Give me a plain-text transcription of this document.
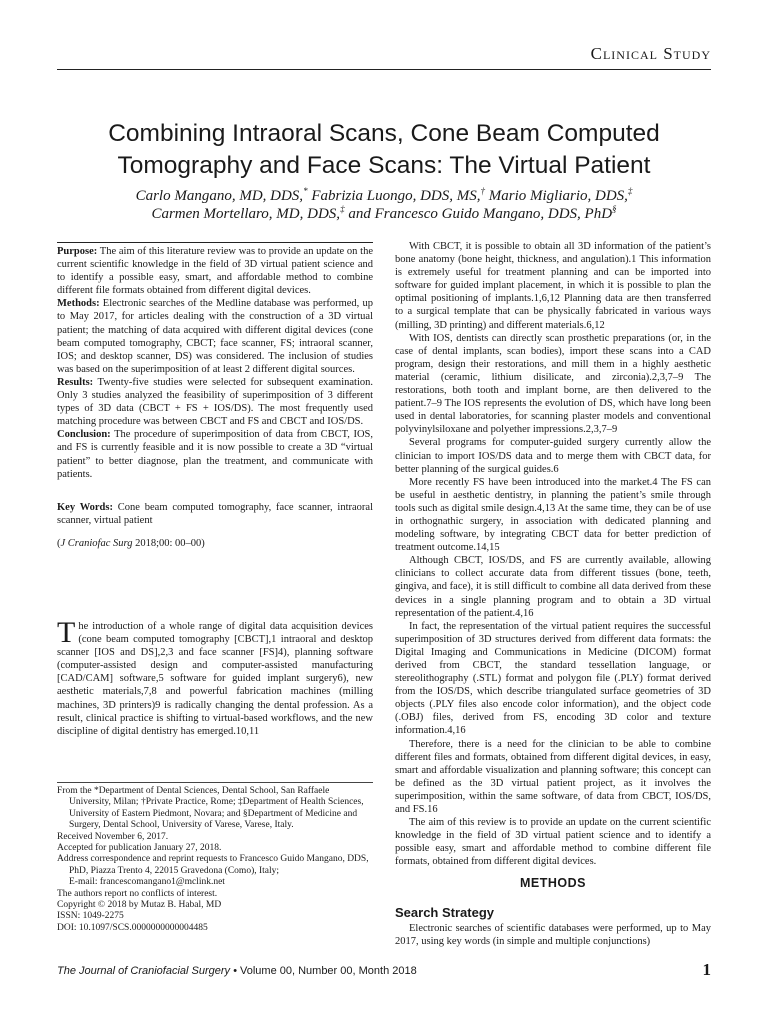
Clinical Study
Combining Intraoral Scans, Cone Beam Computed Tomography and Face Scans: The Virtual Patient
Carlo Mangano, MD, DDS,* Fabrizia Luongo, DDS, MS,† Mario Migliario, DDS,‡
Carmen Mortellaro, MD, DDS,‡ and Francesco Guido Mangano, DDS, PhD§

Purpose: The aim of this literature review was to provide an update on the current scientific knowledge in the field of 3D virtual patient science and to identify a possible easy, smart, and affordable method to combine different file formats obtained from different digital devices.

Methods: Electronic searches of the Medline database was performed, up to May 2017, for articles dealing with the construction of a 3D virtual patient; the matching of data acquired with different digital devices (cone beam computed tomography, CBCT; face scanner, FS; intraoral scanner, IOS; and desktop scanner, DS) was considered. The inclusion of studies was based on the superimposition of at least 2 different digital sources.

Results: Twenty-five studies were selected for subsequent examination. Only 3 studies analyzed the feasibility of superimposition of 3 different types of 3D data (CBCT + FS + IOS/DS). The most frequently used matching procedure was between CBCT and FS and CBCT and IOS/DS.

Conclusion: The procedure of superimposition of data from CBCT, IOS, and FS is currently feasible and it is now possible to create a 3D “virtual patient” to better diagnose, plan the treatment, and communicate with patients.

Key Words: Cone beam computed tomography, face scanner, intraoral scanner, virtual patient

(J Craniofac Surg 2018;00: 00–00)
The introduction of a whole range of digital data acquisition devices (cone beam computed tomography [CBCT],1 intraoral and desktop scanner [IOS and DS],2,3 and face scanner [FS]4), planning software (computer-assisted design and computer-assisted manufacturing [CAD/CAM] software,5 software for guided implant surgery6), new aesthetic materials,7,8 and powerful fabrication machines (milling machines, 3D printers)9 is radically changing the dental profession. As a result, clinical practice is shifting to virtual-based workflows, and the new discipline of digital dentistry has emerged.10,11

From the *Department of Dental Sciences, Dental School, San Raffaele University, Milan; †Private Practice, Rome; ‡Department of Health Sciences, University of Eastern Piedmont, Novara; and §Department of Medicine and Surgery, Dental School, University of Varese, Varese, Italy.

Received November 6, 2017.

Accepted for publication January 27, 2018.

Address correspondence and reprint requests to Francesco Guido Mangano, DDS, PhD, Piazza Trento 4, 22015 Gravedona (Como), Italy;

E-mail: francescomangano1@mclink.net

The authors report no conflicts of interest.

Copyright © 2018 by Mutaz B. Habal, MD

ISSN: 1049-2275

DOI: 10.1097/SCS.0000000000004485

With CBCT, it is possible to obtain all 3D information of the patient’s bone anatomy (bone height, thickness, and angulation).1 This information is extremely useful for treatment planning and can be imported into software for guided implant placement, in which it is possible to plan the optimal positioning of implants.1,6,12 Planning data are then transferred to a surgical template that can be physically fabricated in various ways (milling, 3D printing) and different materials.6,12

With IOS, dentists can directly scan prosthetic preparations (or, in the case of dental implants, scan bodies), import these scans into a CAD program, design their restorations, and mill them in a highly aesthetic material (ceramic, lithium disilicate, and zirconia).2,3,7–9 The restorations, both tooth and implant borne, are then delivered to the patient.7–9 The IOS represents the evolution of DS, which have long been used in dental laboratories, for scanning plaster models and conventional polyvinylsiloxane and polyether impressions.2,3,7–9

Several programs for computer-guided surgery currently allow the clinician to import IOS/DS data and to merge them with CBCT data, for better planning of the surgical guides.6

More recently FS have been introduced into the market.4 The FS can be useful in aesthetic dentistry, in planning the patient’s smile through tools such as digital smile design.4,13 At the same time, they can be of use in orthognathic surgery, in association with dedicated planning and modeling software, by integrating CBCT data for better prediction of treatment outcome.14,15

Although CBCT, IOS/DS, and FS are currently available, allowing clinicians to collect accurate data from different tissues (bone, teeth, gingiva, and face), it is still difficult to combine all data derived from these devices in a single planning program and to obtain a 3D virtual representation of the patient.4,16

In fact, the representation of the virtual patient requires the successful superimposition of 3D structures derived from different data formats: the Digital Imaging and Communications in Medicine (DICOM) format derived from CBCT, the standard tessellation language, or stereolithography (.STL) format and polygon file (.PLY) format derived from the IOS/DS, which describe triangulated surface geometries of 3D objects (.PLY files also encode color information), and the object code (.OBJ) files, derived from FS, encoding 3D color and texture information.4,16

Therefore, there is a need for the clinician to be able to combine different files and formats, obtained from different digital devices, in easy, smart and affordable visualization and planning software; this concept can be defined as the 3D virtual patient project, as it involves the superimposition, within the same software, of data from CBCT, IOS/DS, and FS.16

The aim of this review is to provide an update on the current scientific knowledge in the field of 3D virtual patient science and to identify a possible easy, smart and affordable method to combine different file formats, obtained from different digital devices.

METHODS
Search Strategy
Electronic searches of scientific databases were performed, up to May 2017, using key words (in simple and multiple conjunctions)
The Journal of Craniofacial Surgery • Volume 00, Number 00, Month 2018	1
